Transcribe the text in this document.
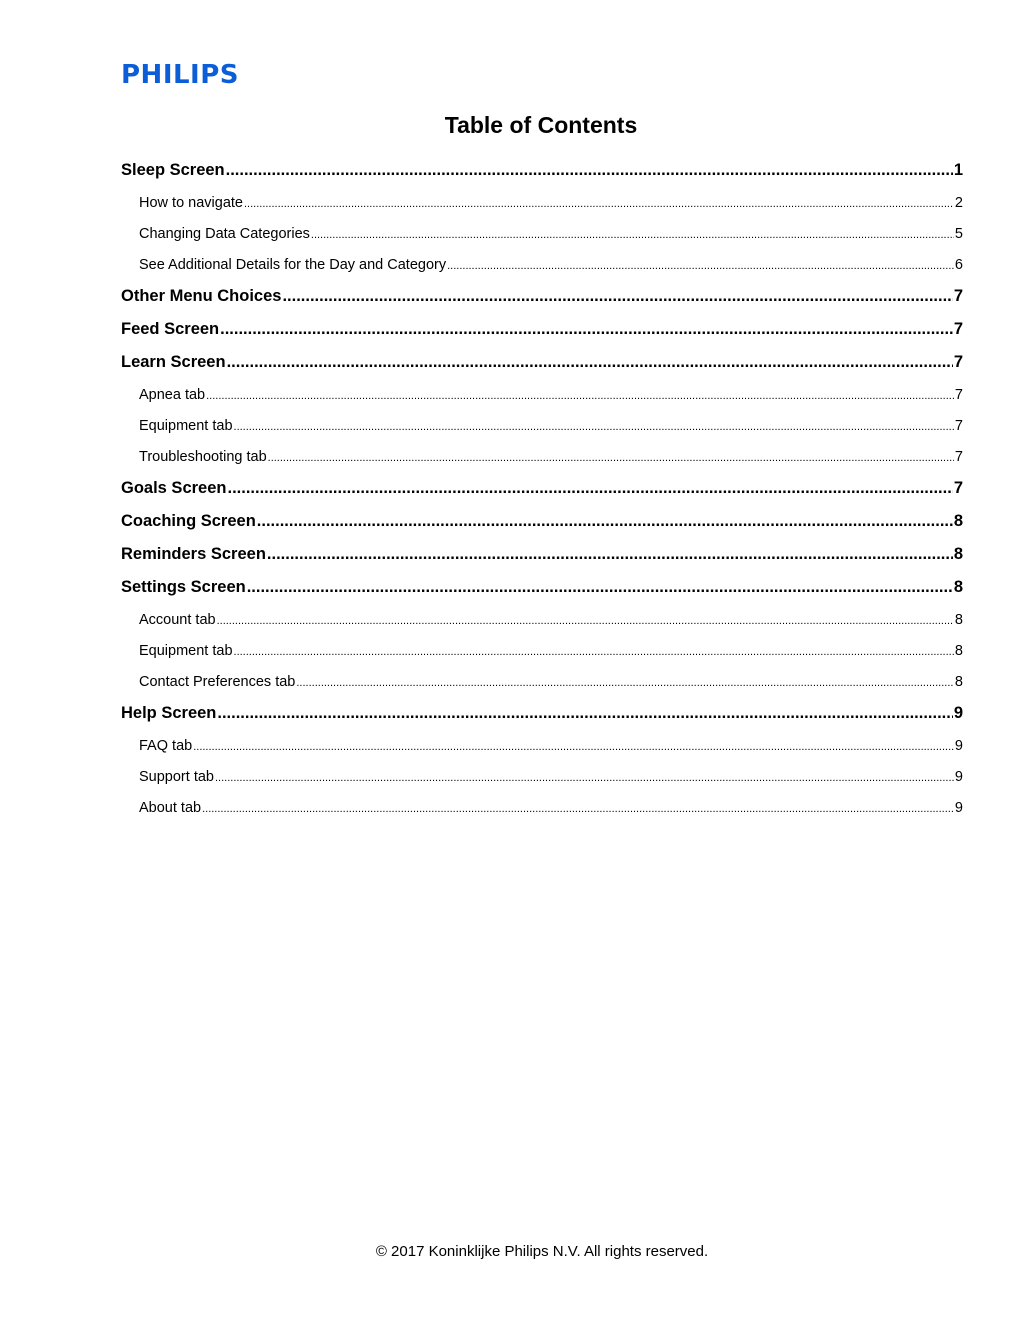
PHILIPS
Table of Contents
Sleep Screen .....	1
How to navigate .....	2
Changing Data Categories .....	5
See Additional Details for the Day and Category .....	6
Other Menu Choices .....	7
Feed Screen .....	7
Learn Screen .....	7
Apnea tab .....	7
Equipment tab .....	7
Troubleshooting tab .....	7
Goals Screen .....	7
Coaching Screen .....	8
Reminders Screen .....	8
Settings Screen .....	8
Account tab .....	8
Equipment tab .....	8
Contact Preferences tab .....	8
Help Screen .....	9
FAQ tab .....	9
Support tab .....	9
About tab .....	9
© 2017 Koninklijke Philips N.V. All rights reserved.
